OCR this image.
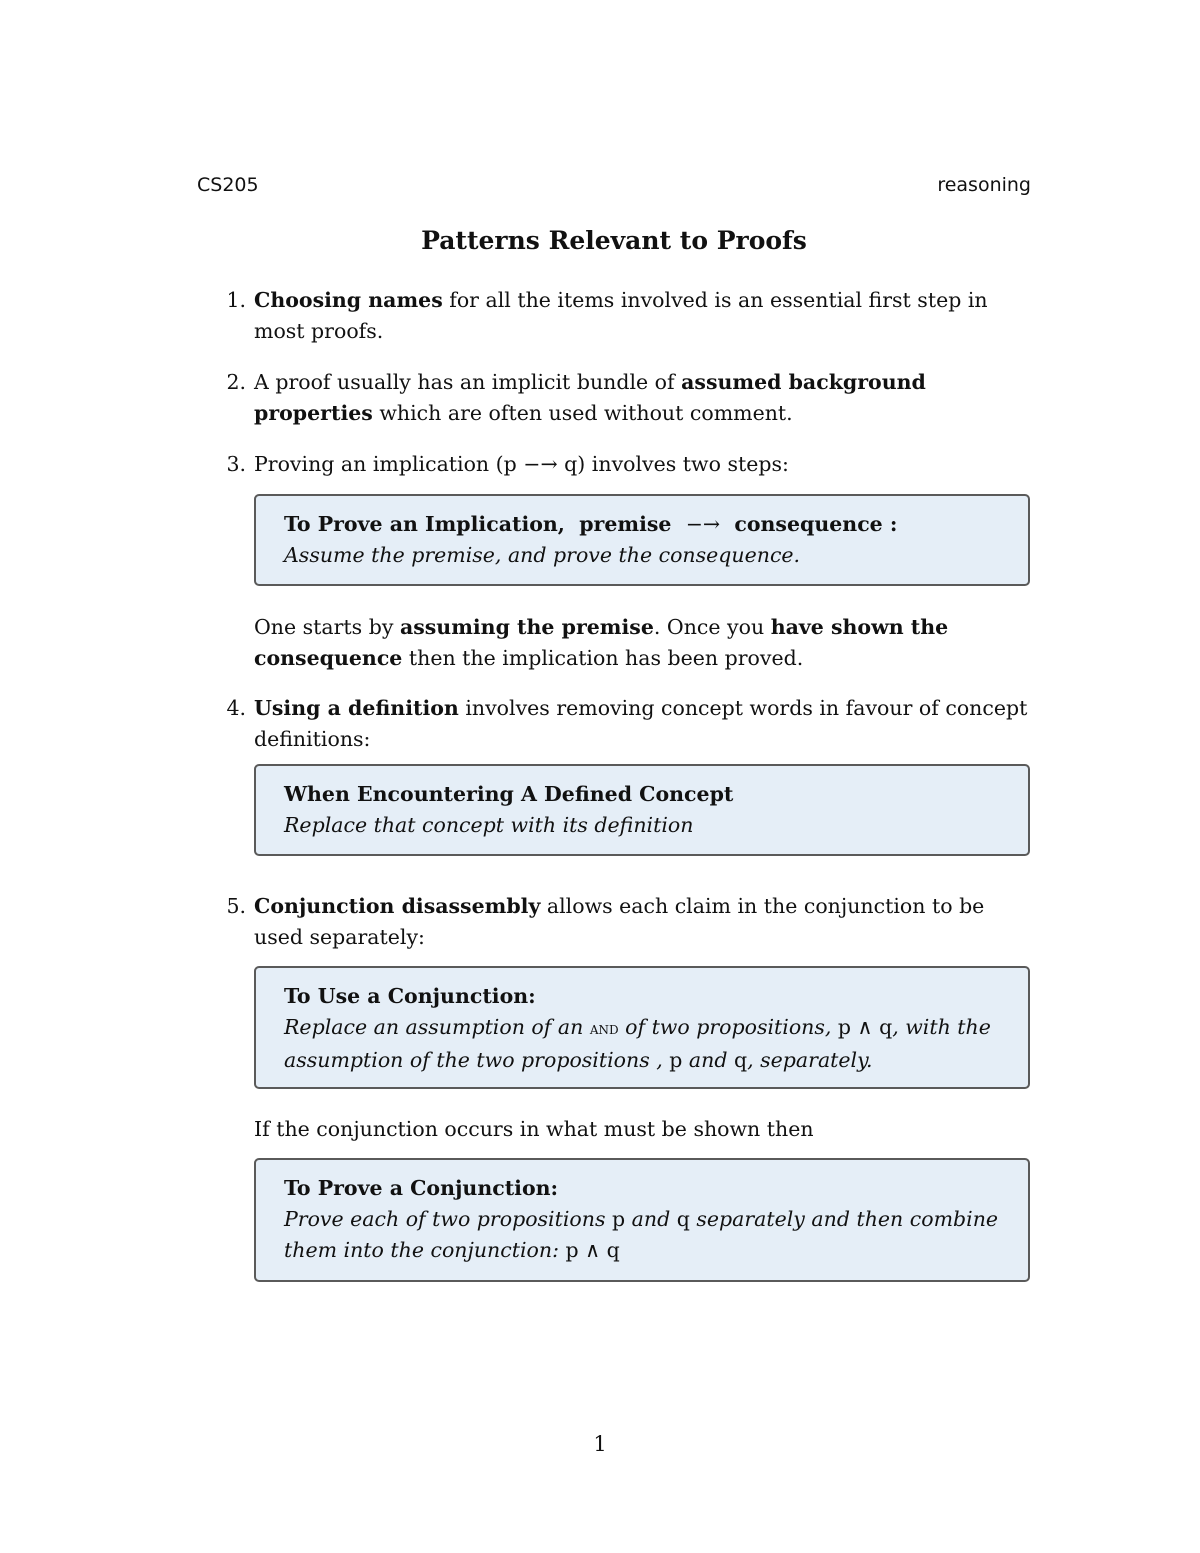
CS205	reasoning
Patterns Relevant to Proofs
1. Choosing names for all the items involved is an essential first step in most proofs.

2. A proof usually has an implicit bundle of assumed background properties which are often used without comment.

3. Proving an implication (p −→ q) involves two steps:

To Prove an Implication,  premise  −→  consequence :
Assume the premise, and prove the consequence.

One starts by assuming the premise. Once you have shown the consequence then the implication has been proved.

4. Using a definition involves removing concept words in favour of concept definitions:

When Encountering A Defined Concept
Replace that concept with its definition
5. Conjunction disassembly allows each claim in the conjunction to be used separately:

To Use a Conjunction:
Replace an assumption of an and of two propositions, p ∧ q, with the assumption of the two propositions , p and q, separately.

If the conjunction occurs in what must be shown then

To Prove a Conjunction:
Prove each of two propositions p and q separately and then combine them into the conjunction: p ∧ q
1
